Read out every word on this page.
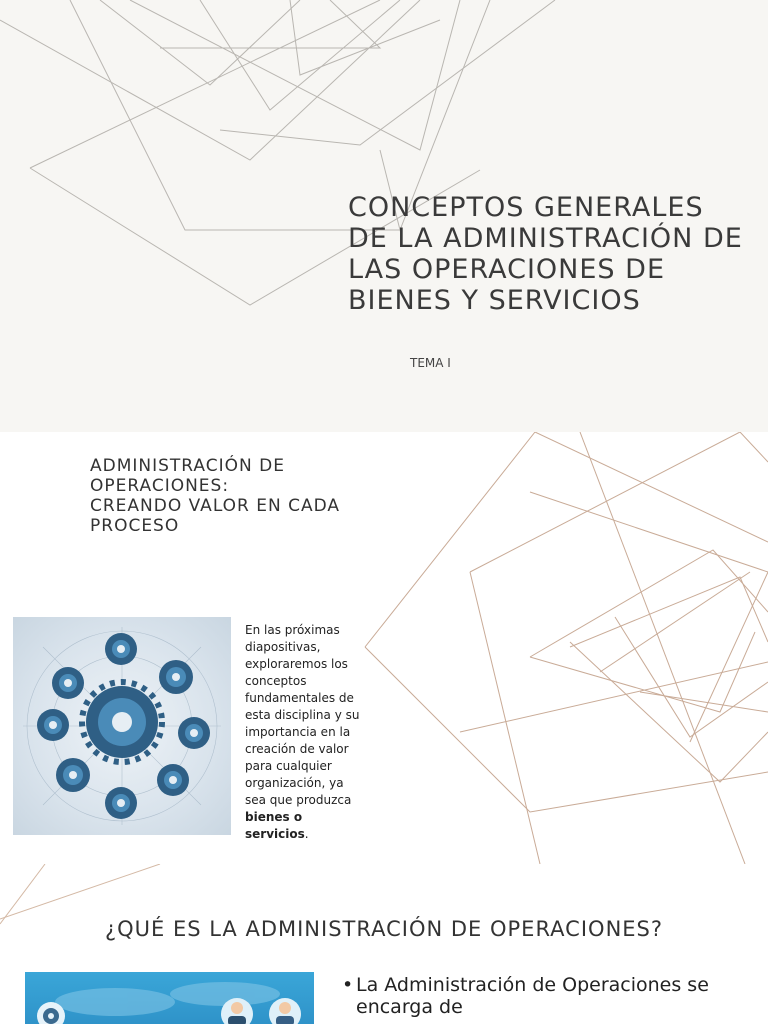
CONCEPTOS GENERALES DE LA ADMINISTRACIÓN DE LAS OPERACIONES DE BIENES Y SERVICIOS
TEMA I
ADMINISTRACIÓN DE
OPERACIONES:
CREANDO VALOR EN CADA
PROCESO
En las próximas diapositivas, exploraremos los conceptos fundamentales de esta disciplina y su importancia en la creación de valor para cualquier organización, ya sea que produzca bienes o servicios.
¿QUÉ ES LA ADMINISTRACIÓN DE OPERACIONES?
• La Administración de Operaciones se encarga de
